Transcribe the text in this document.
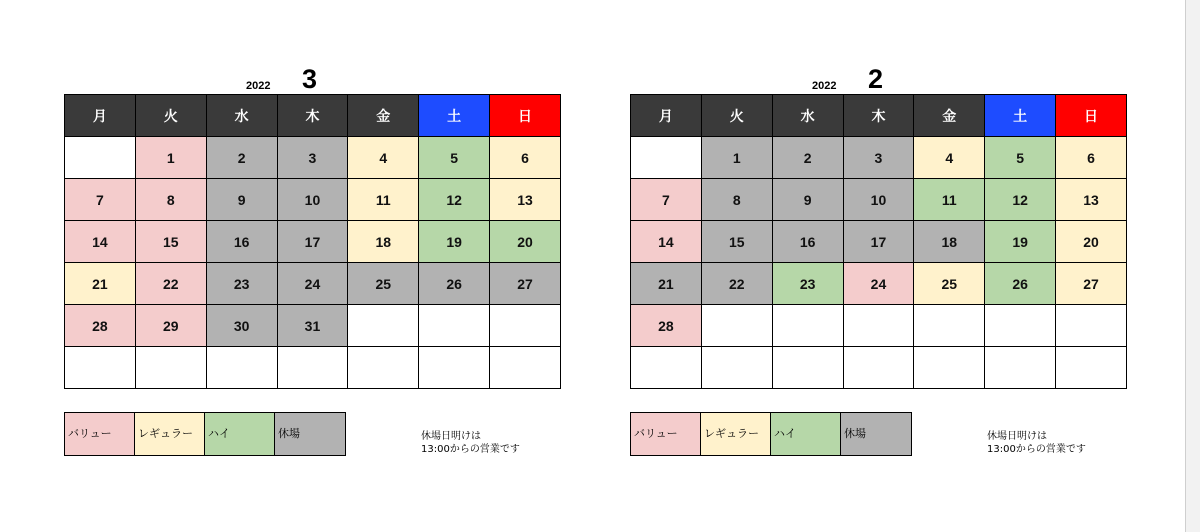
2022 3
月	火	水	木	金	土	日
	1	2	3	4	5	6
7	8	9	10	11	12	13
14	15	16	17	18	19	20
21	22	23	24	25	26	27
28	29	30	31			

2022 2
月	火	水	木	金	土	日
	1	2	3	4	5	6
7	8	9	10	11	12	13
14	15	16	17	18	19	20
21	22	23	24	25	26	27
28						

バリュー	レギュラー	ハイ	休場	休場日明けは
13:00からの営業です
バリュー	レギュラー	ハイ	休場	休場日明けは
13:00からの営業です
